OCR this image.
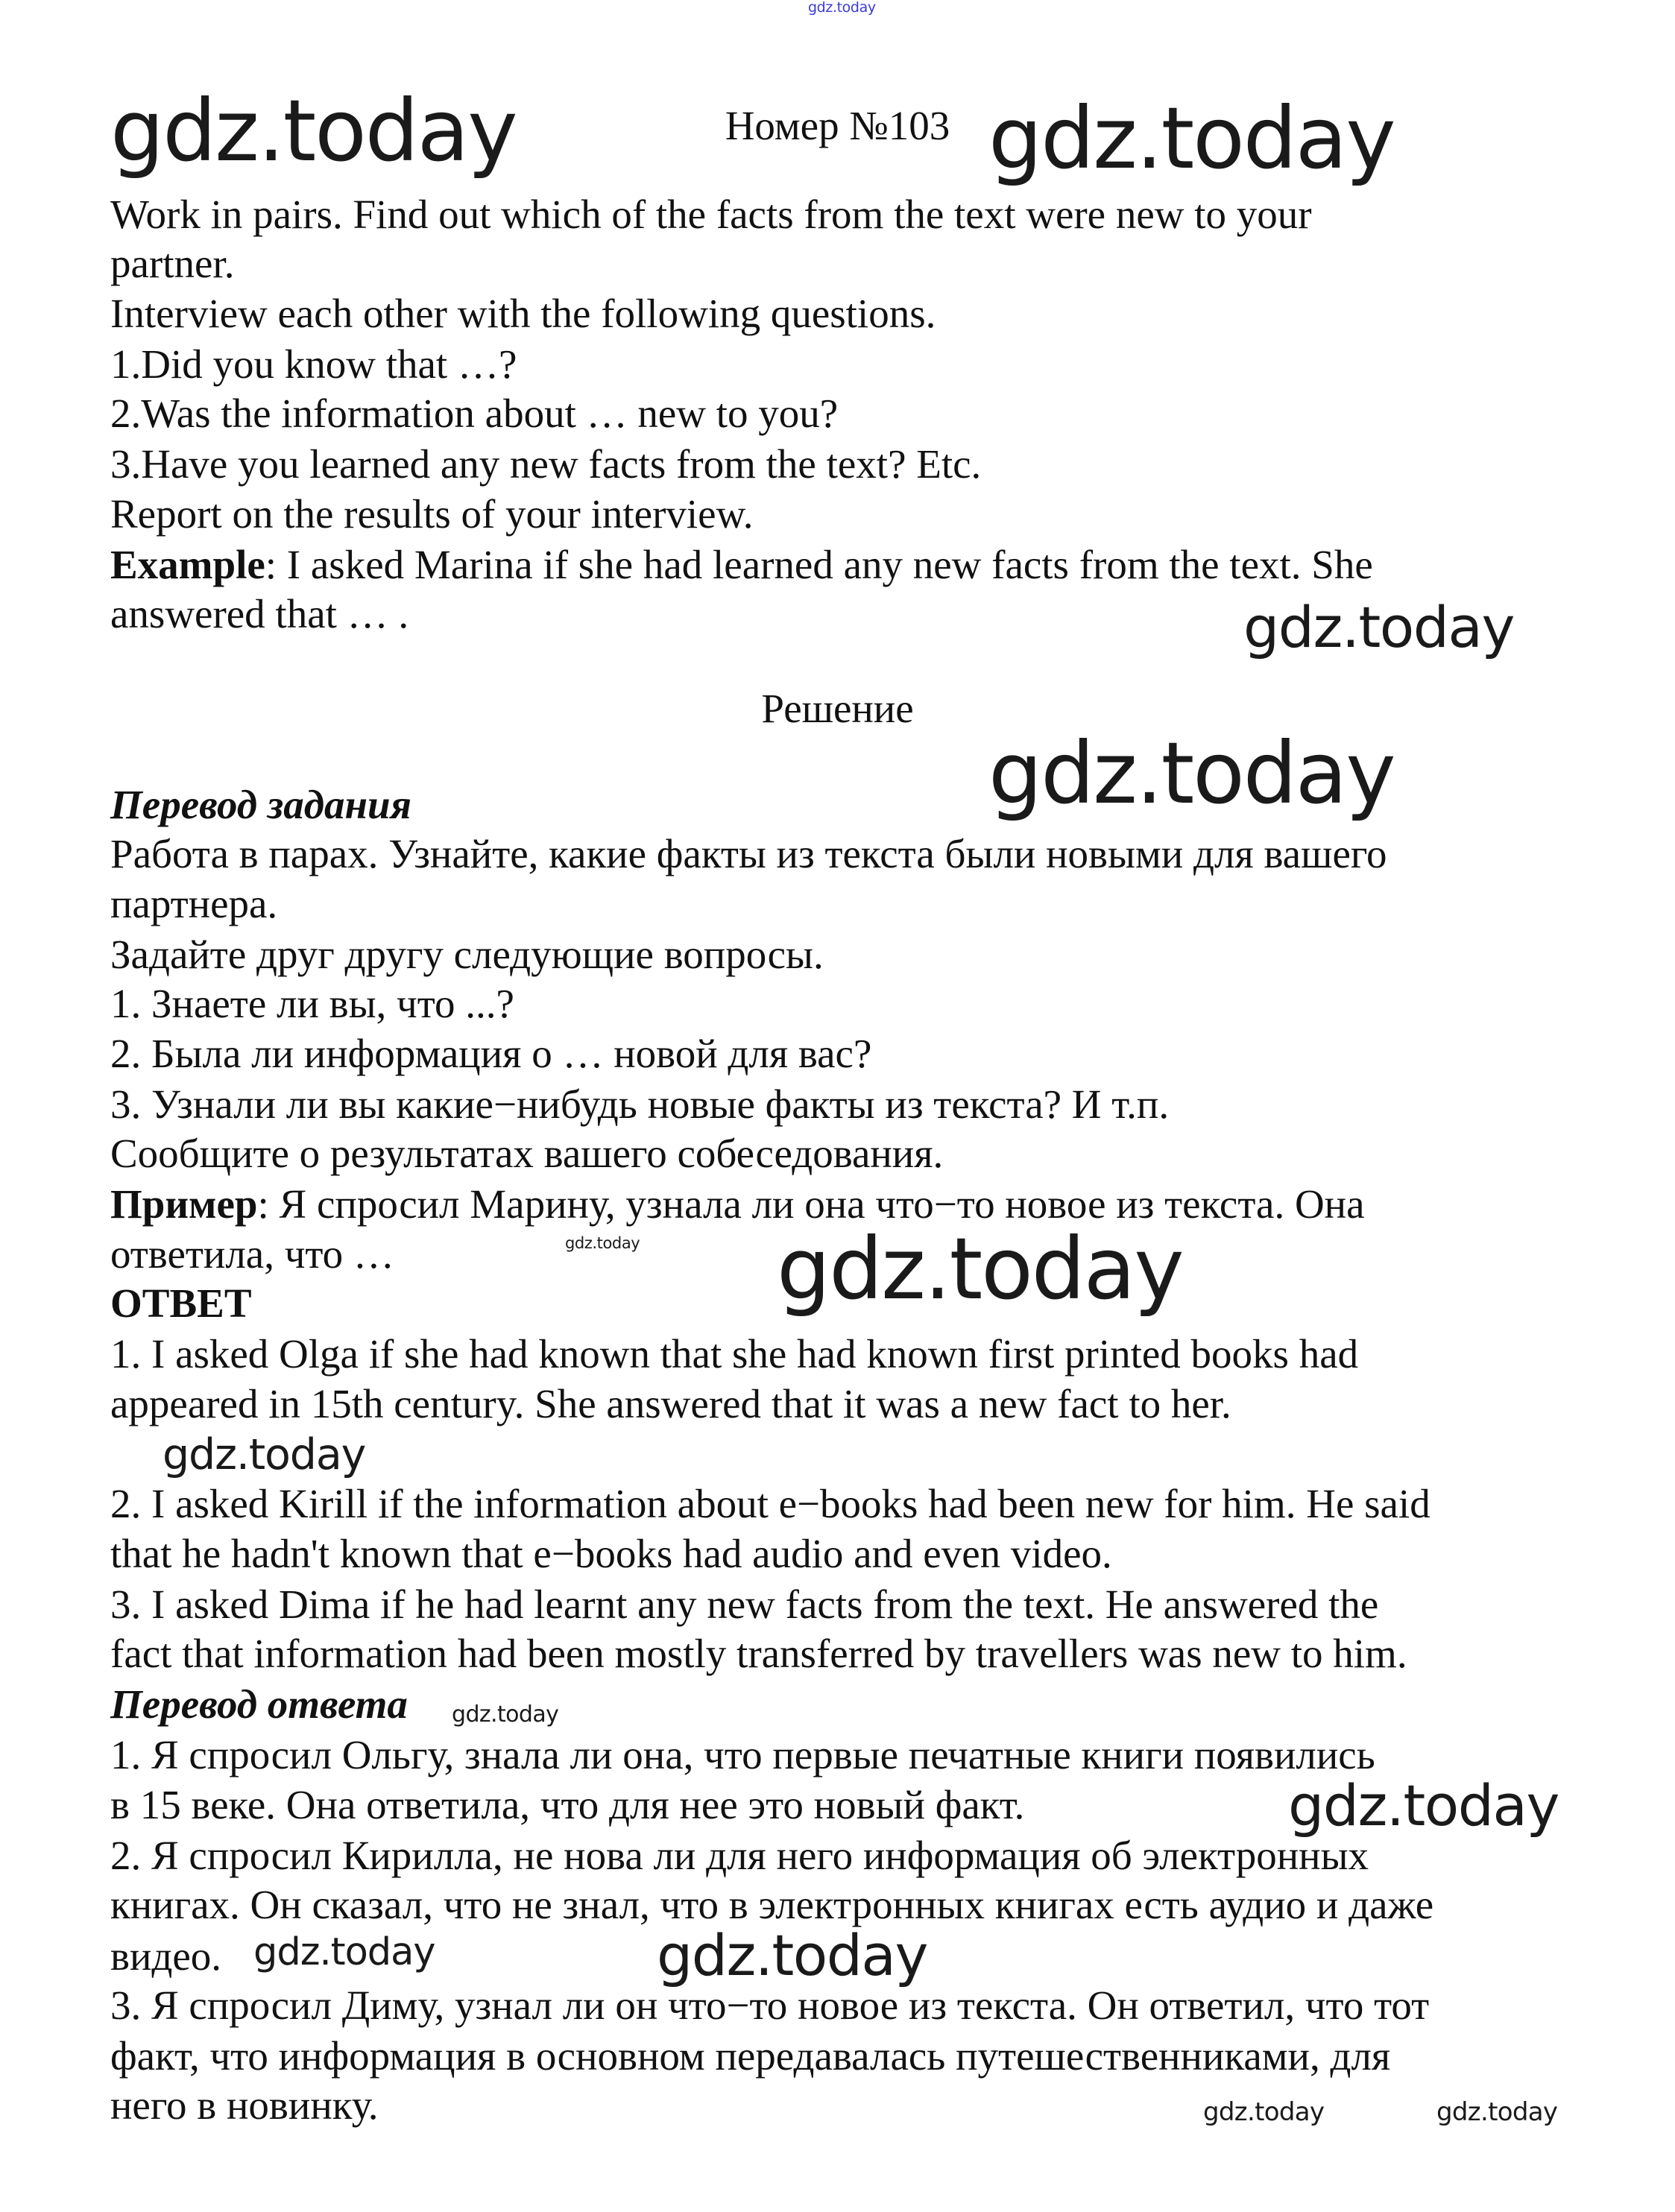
Номер №103
Work in pairs. Find out which of the facts from the text were new to your
partner.
Interview each other with the following questions.
1.Did you know that …?
2.Was the information about … new to you?
3.Have you learned any new facts from the text? Etc.
Report on the results of your interview.
Example: I asked Marina if she had learned any new facts from the text. She
answered that … .
Решение
Перевод задания
Работа в парах. Узнайте, какие факты из текста были новыми для вашего
партнера.
Задайте друг другу следующие вопросы.
1. Знаете ли вы, что ...?
2. Была ли информация о … новой для вас?
3. Узнали ли вы какие−нибудь новые факты из текста? И т.п.
Сообщите о результатах вашего собеседования.
Пример: Я спросил Марину, узнала ли она что−то новое из текста. Она
ответила, что …
ОТВЕТ
1. I asked Olga if she had known that she had known first printed books had
appeared in 15th century. She answered that it was a new fact to her.
2. I asked Kirill if the information about e−books had been new for him. He said
that he hadn't known that e−books had audio and even video.
3. I asked Dima if he had learnt any new facts from the text. He answered the
fact that information had been mostly transferred by travellers was new to him.
Перевод ответа
1. Я спросил Ольгу, знала ли она, что первые печатные книги появились
в 15 веке. Она ответила, что для нее это новый факт.
2. Я спросил Кирилла, не нова ли для него информация об электронных
книгах. Он сказал, что не знал, что в электронных книгах есть аудио и даже
видео.
3. Я спросил Диму, узнал ли он что−то новое из текста. Он ответил, что тот
факт, что информация в основном передавалась путешественниками, для
него в новинку.
gdz.today
gdz.today	gdz.today
gdz.today
gdz.today
gdz.today gdz.today
gdz.today
gdz.today
gdz.today
gdz.today	gdz.today
gdz.today	gdz.today
